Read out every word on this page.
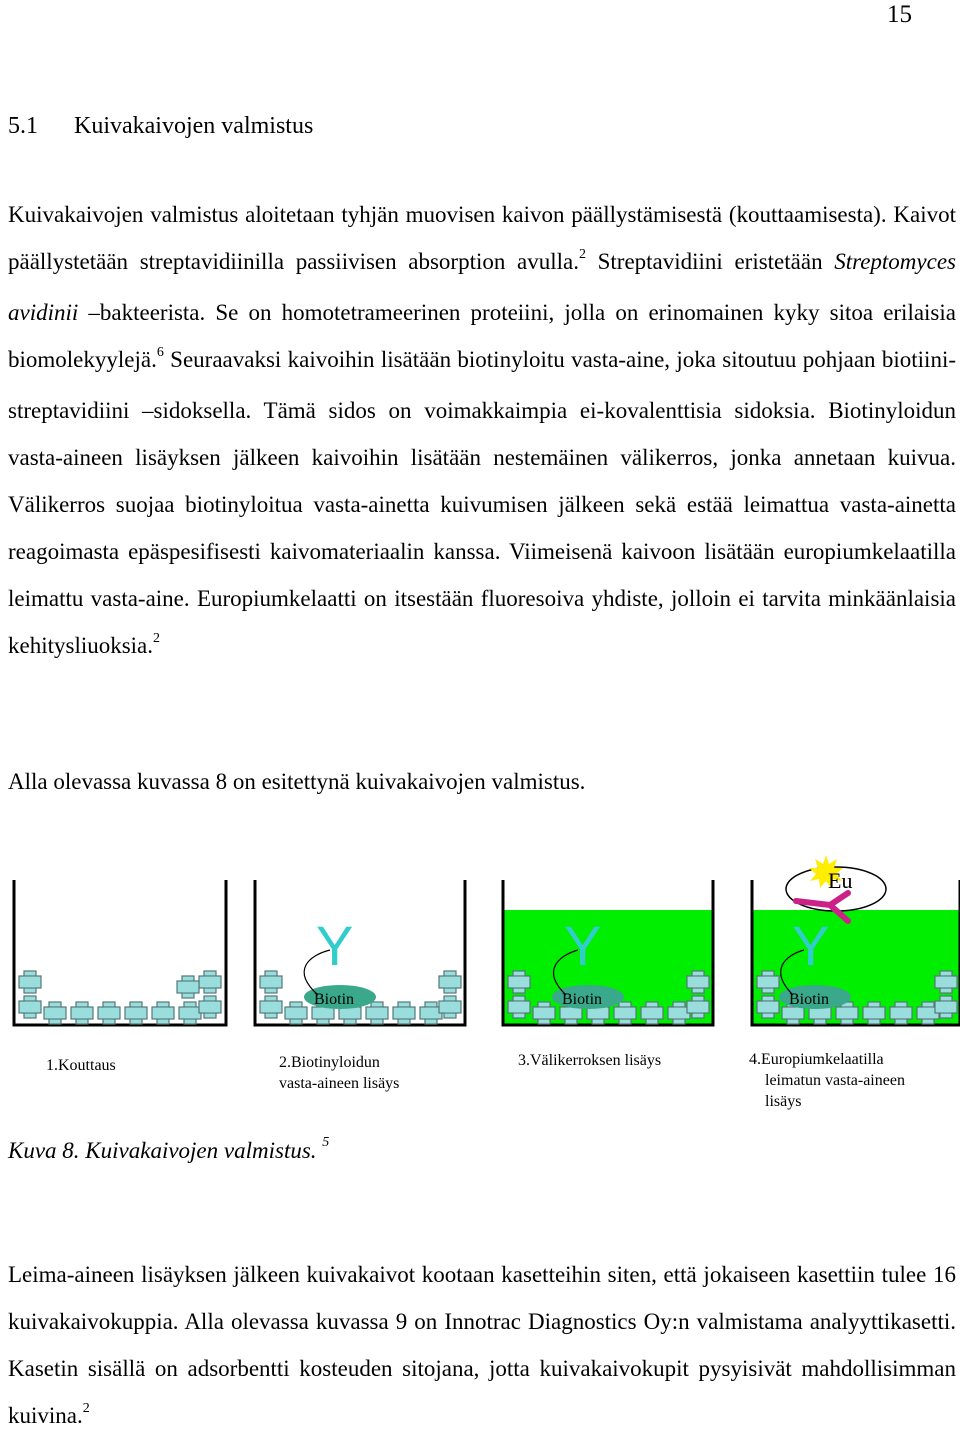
15
5.1 Kuivakaivojen valmistus

Kuivakaivojen valmistus aloitetaan tyhjän muovisen kaivon päällystämisestä (kouttaamisesta). Kaivot päällystetään streptavidiinilla passiivisen absorption avulla.$^2$ Streptavidiini eristetään Streptomyces avidinii –bakteerista. Se on homotetrameerinen proteiini, jolla on erinomainen kyky sitoa erilaisia biomolekyylejä.$^6$ Seuraavaksi kaivoihin lisätään biotinyloitu vasta-aine, joka sitoutuu pohjaan biotiini-streptavidiini –sidoksella. Tämä sidos on voimakkaimpia ei-kovalenttisia sidoksia. Biotinyloidun vasta-aineen lisäyksen jälkeen kaivoihin lisätään nestemäinen välikerros, jonka annetaan kuivua. Välikerros suojaa biotinyloitua vasta-ainetta kuivumisen jälkeen sekä estää leimattua vasta-ainetta reagoimasta epäspesifisesti kaivomateriaalin kanssa. Viimeisenä kaivoon lisätään europiumkelaatilla leimattu vasta-aine. Europiumkelaatti on itsestään fluoresoiva yhdiste, jolloin ei tarvita minkäänlaisia kehitysliuoksia.$^2$

Alla olevassa kuvassa 8 on esitettynä kuivakaivojen valmistus.

Biotin
Y
Biotin
Y
Biotin
Y
Eu
1.Kouttaus	2.Biotinyloidun
vasta-aineen lisäys
3.Välikerroksen lisäys	4.Europiumkelaatilla
leimatun vasta-aineen
lisäys
Kuva 8. Kuivakaivojen valmistus. $^5$

Leima-aineen lisäyksen jälkeen kuivakaivot kootaan kasetteihin siten, että jokaiseen kasettiin tulee 16 kuivakaivokuppia. Alla olevassa kuvassa 9 on Innotrac Diagnostics Oy:n valmistama analyyttikasetti. Kasetin sisällä on adsorbentti kosteuden sitojana, jotta kuivakaivokupit pysyisivät mahdollisimman kuivina.$^2$
